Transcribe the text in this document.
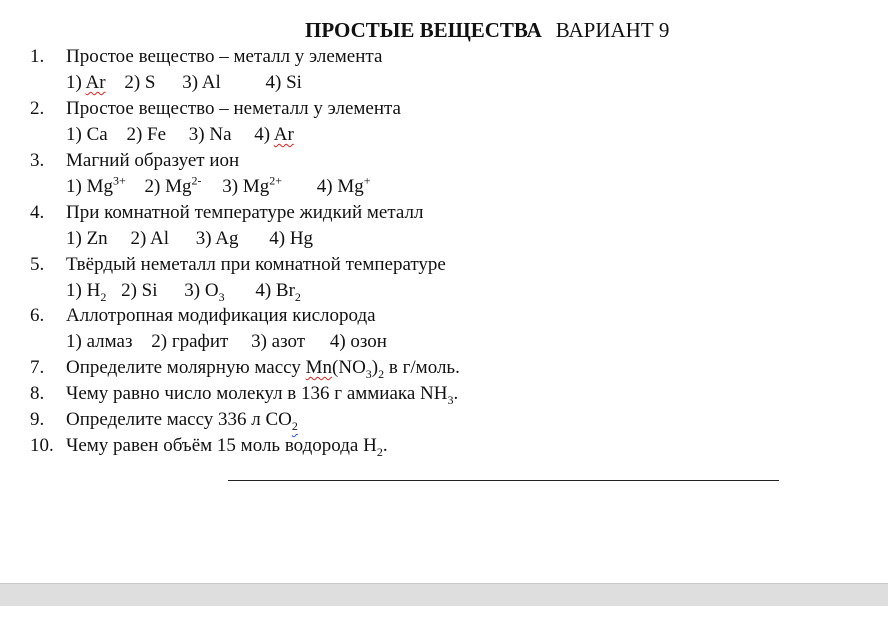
ПРОСТЫЕ ВЕЩЕСТВА ВАРИАНТ 9
1. Простое вещество – металл у элемента
1) Ar 2) S 3) Al 4) Si
2. Простое вещество – неметалл у элемента
1) Ca 2) Fe 3) Na 4) Ar
3. Магний образует ион
1) $Mg^{3+}$ 2) $Mg^{2-}$ 3) $Mg^{2+}$ 4) Mg+
4. При комнатной температуре жидкий металл
1) Zn 2) Al 3) Ag 4) Hg
5. Твёрдый неметалл при комнатной температуре
1) $H_2$ 2) Si 3) $O_3$ 4) $Br_2$
6. Аллотропная модификация кислорода
1) алмаз 2) графит 3) азот 4) озон
7. Определите молярную массу $Mn(NO_3)_2$ в г/моль.
8. Чему равно число молекул в 136 г аммиака $NH_3$.
9. Определите массу 336 л $CO_2$
10. Чему равен объём 15 моль водорода $H_2$.
